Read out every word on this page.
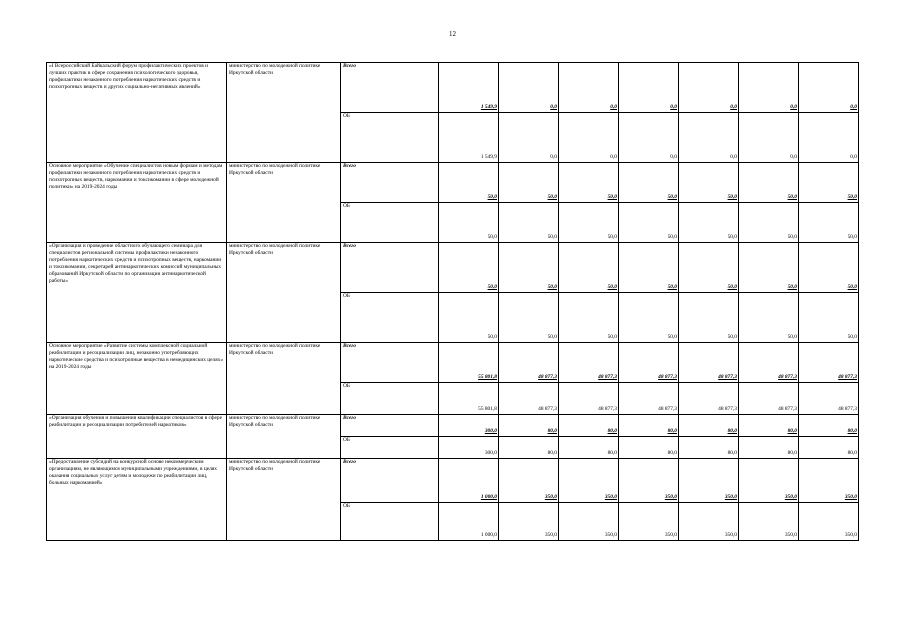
12
«I Всероссийский Байкальский форум профилактических проектов и лучших практик в сфере сохранения психологического здоровья, профилактики незаконного потребления наркотических средств и психотропных веществ и других социально-негативных явлений»	министерство по молодежной политике Иркутской области	Всего	1 549,9	0,0	0,0	0,0	0,0	0,0	0,0
		ОБ	1 549,9	0,0	0,0	0,0	0,0	0,0	0,0
Основное мероприятие «Обучение специалистов новым формам и методам профилактики незаконного потребления наркотических средств и психотропных веществ, наркомании и токсикомании в сфере молодежной политики» на 2019-2024 годы	министерство по молодежной политике Иркутской области	Всего	50,0	50,0	50,0	50,0	50,0	50,0	50,0
		ОБ	50,0	50,0	50,0	50,0	50,0	50,0	50,0
«Организация и проведение областного обучающего семинара для специалистов региональной системы профилактики незаконного потребления наркотических средств и психотропных веществ, наркомании и токсикомании, секретарей антинаркотических комиссий муниципальных образований Иркутской области по организации антинаркотической работы»	министерство по молодежной политике Иркутской области	Всего	50,0	50,0	50,0	50,0	50,0	50,0	50,0
		ОБ	50,0	50,0	50,0	50,0	50,0	50,0	50,0
Основное мероприятие «Развитие системы комплексной социальной реабилитации и ресоциализации лиц, незаконно употребляющих наркотические средства и психотропные вещества в немедицинских целях» на 2019-2024 годы	министерство по молодежной политике Иркутской области	Всего	55 801,8	48 877,3	48 877,3	48 877,3	48 877,3	48 877,3	48 877,3
		ОБ	55 801,8	48 877,3	48 877,3	48 877,3	48 877,3	48 877,3	48 877,3
«Организация обучения и повышения квалификации специалистов в сфере реабилитации и ресоциализации потребителей наркотиков»	министерство по молодежной политике Иркутской области	Всего	300,0	80,0	80,0	80,0	80,0	80,0	80,0
		ОБ	300,0	80,0	80,0	80,0	80,0	80,0	80,0
«Предоставление субсидий на конкурсной основе некоммерческим организациям, не являющимся муниципальными учреждениями, в целях оказания социальных услуг детям и молодежи по реабилитации лиц, больных наркоманией»	министерство по молодежной политике Иркутской области	Всего	1 000,0	350,0	350,0	350,0	350,0	350,0	350,0
		ОБ	1 000,0	350,0	350,0	350,0	350,0	350,0	350,0
